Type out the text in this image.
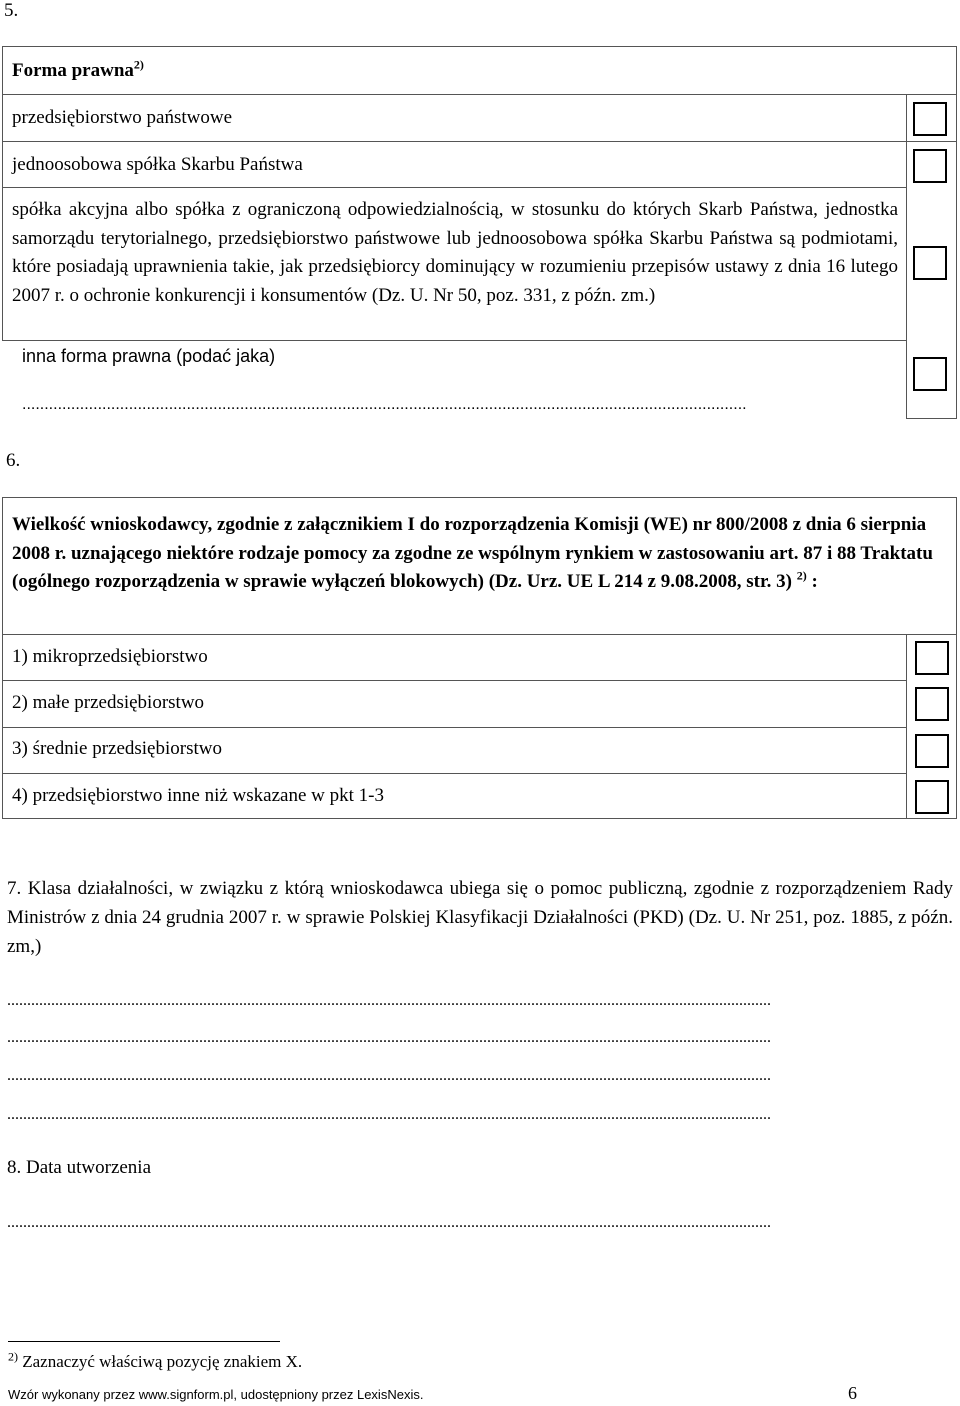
5.
Forma prawna$^{2)}$
przedsiębiorstwo państwowe
jednoosobowa spółka Skarbu Państwa
spółka akcyjna albo spółka z ograniczoną odpowiedzialnością, w stosunku do których Skarb Państwa, jednostka samorządu terytorialnego, przedsiębiorstwo państwowe lub jednoosobowa spółka Skarbu Państwa są podmiotami, które posiadają uprawnienia takie, jak przedsiębiorcy dominujący w rozumieniu przepisów ustawy z dnia 16 lutego 2007 r. o ochronie konkurencji i konsumentów (Dz. U. Nr 50, poz. 331, z późn. zm.)
inna forma prawna (podać jaka)
...................................................................................................................................................................
6.
Wielkość wnioskodawcy, zgodnie z załącznikiem I do rozporządzenia Komisji (WE) nr 800/2008 z dnia 6 sierpnia 2008 r. uznającego niektóre rodzaje pomocy za zgodne ze wspólnym rynkiem w zastosowaniu art. 87 i 88 Traktatu (ogólnego rozporządzenia w sprawie wyłączeń blokowych) (Dz. Urz. UE L 214 z 9.08.2008, str. 3) $^{2)}$ :
1) mikroprzedsiębiorstwo
2) małe przedsiębiorstwo
3) średnie przedsiębiorstwo
4) przedsiębiorstwo inne niż wskazane w pkt 1-3
7. Klasa działalności, w związku z którą wnioskodawca ubiega się o pomoc publiczną, zgodnie z rozporządzeniem Rady Ministrów z dnia 24 grudnia 2007 r. w sprawie Polskiej Klasyfikacji Działalności (PKD) (Dz. U. Nr 251, poz. 1885, z późn. zm,)
...............................................................................................................................................................................................
...............................................................................................................................................................................................
...............................................................................................................................................................................................
...............................................................................................................................................................................................
8. Data utworzenia
...............................................................................................................................................................................................
$^{2)}$ Zaznaczyć właściwą pozycję znakiem X.
Wzór wykonany przez www.signform.pl, udostępniony przez LexisNexis.	6
